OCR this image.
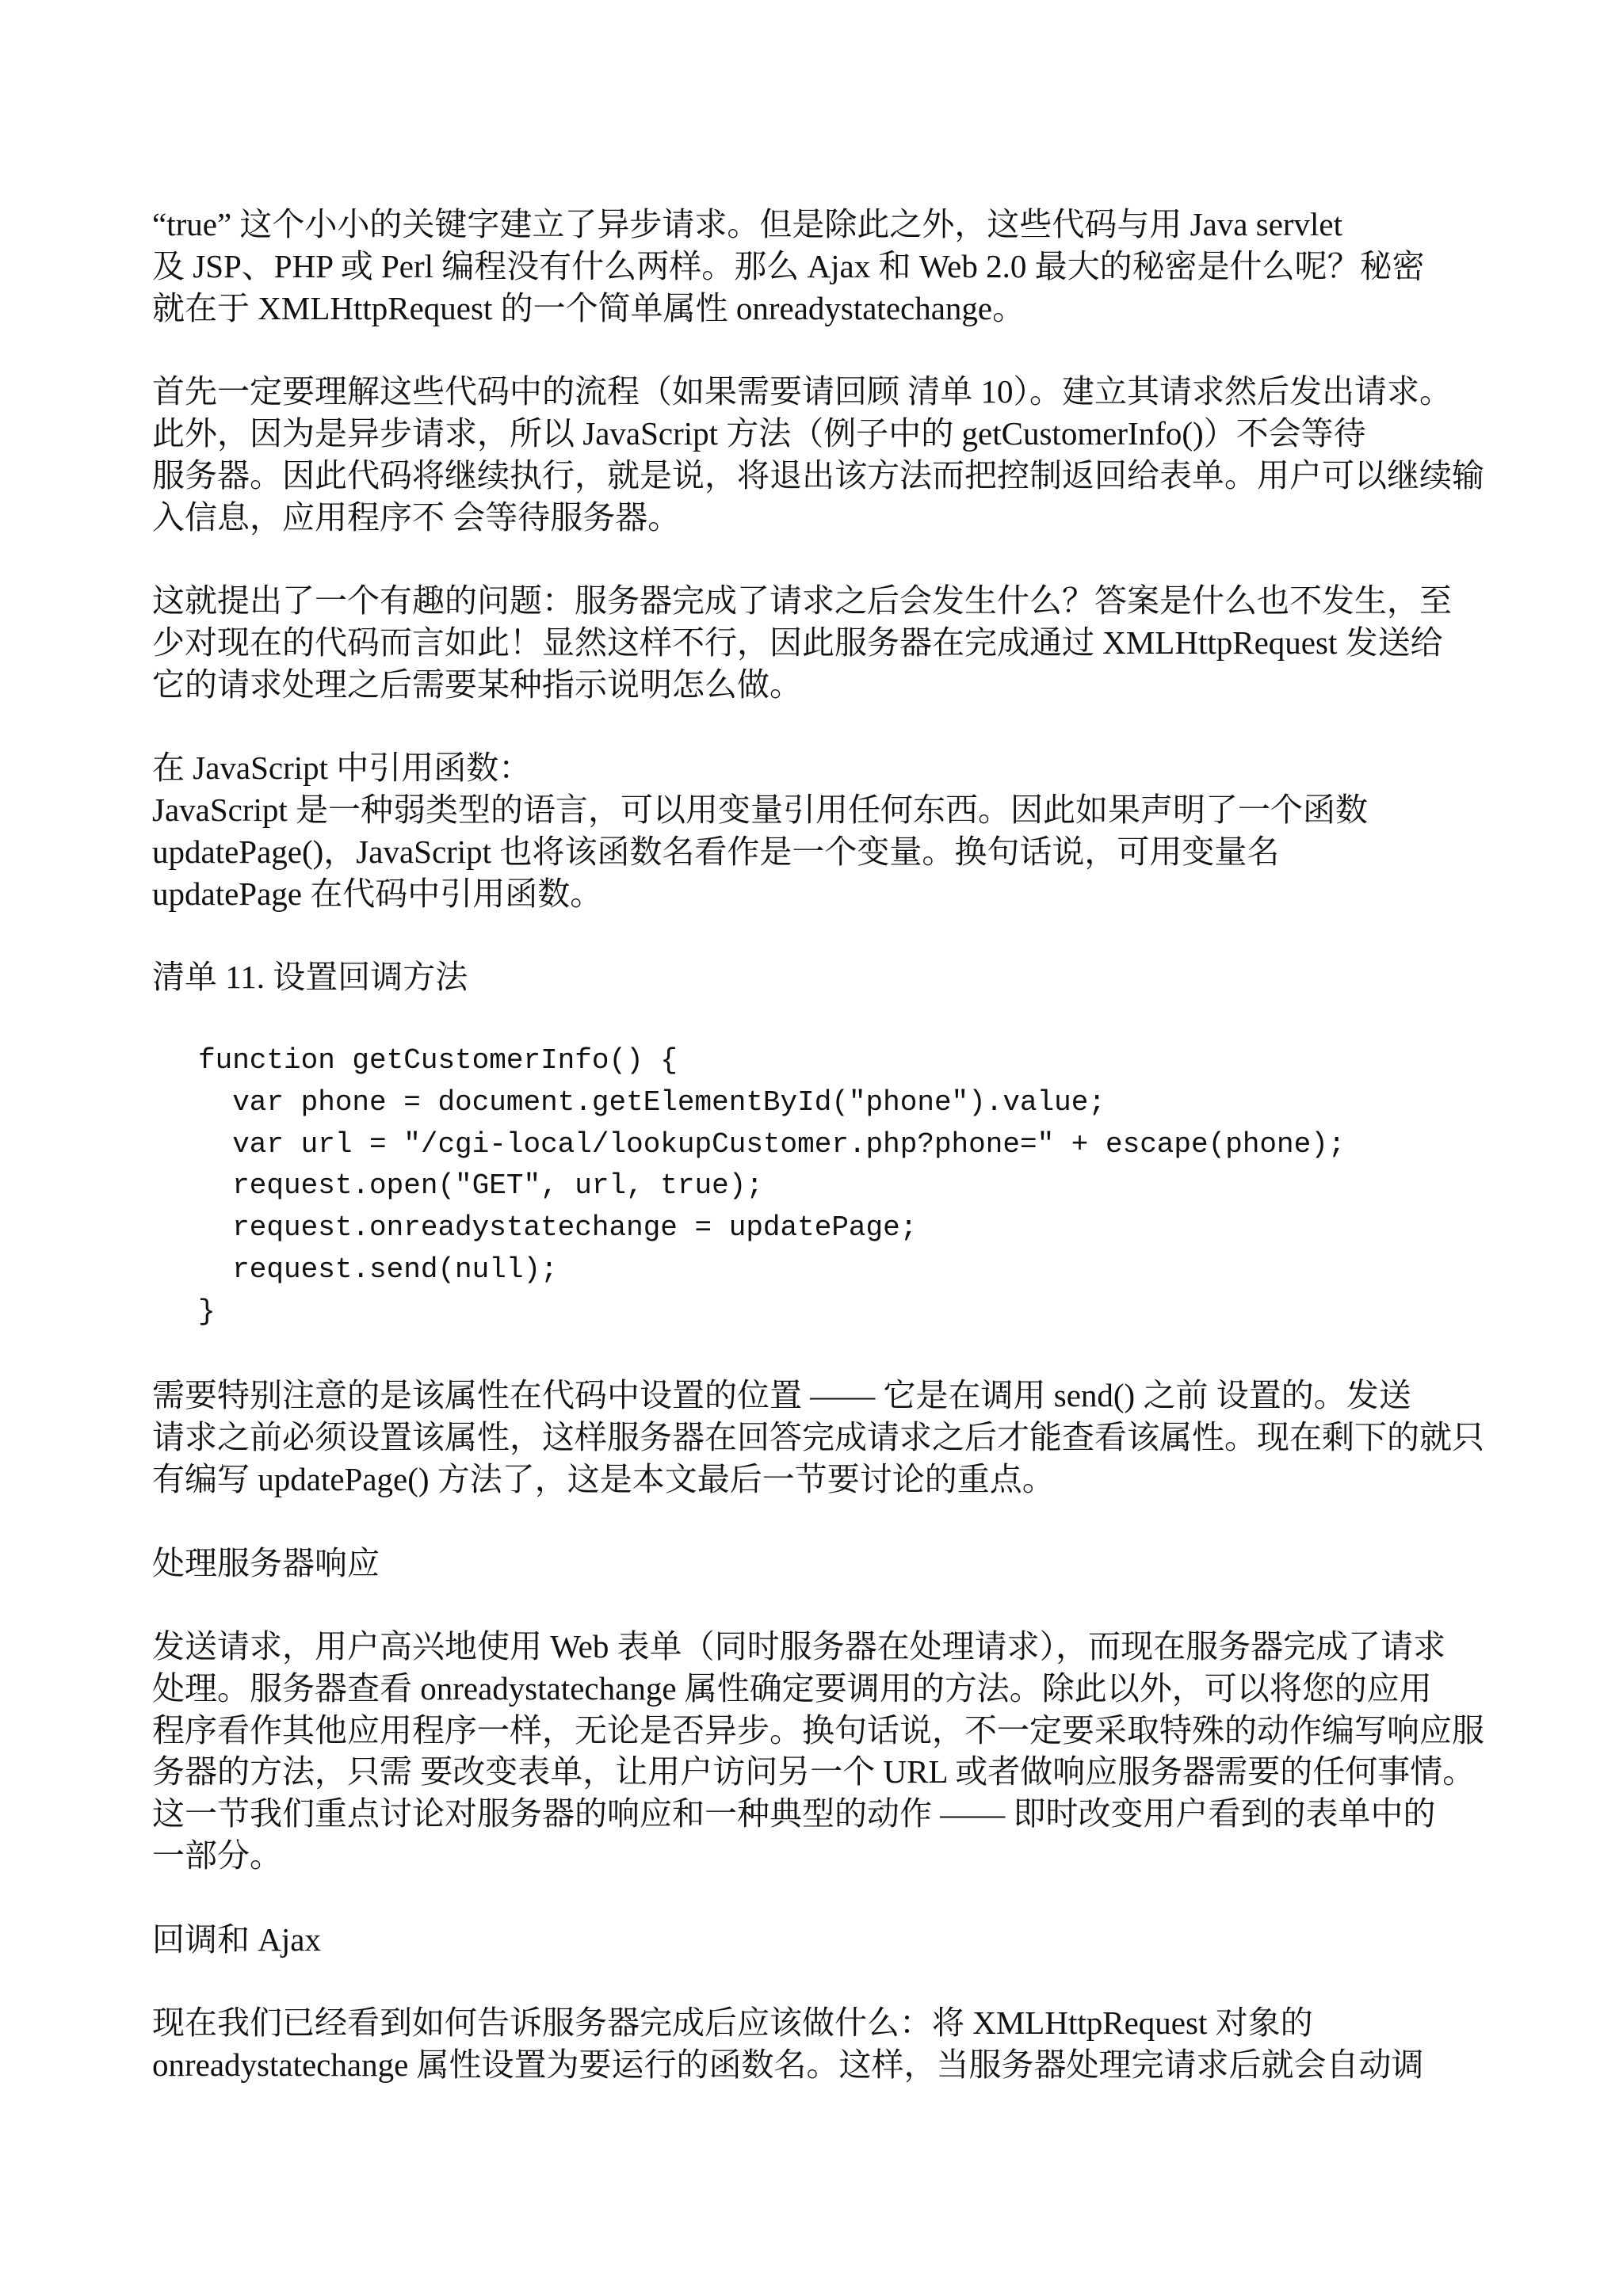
“true” 这个小小的关键字建立了异步请求。但是除此之外，这些代码与用 Java servlet
及 JSP、PHP 或 Perl 编程没有什么两样。那么 Ajax 和 Web 2.0 最大的秘密是什么呢？秘密
就在于 XMLHttpRequest 的一个简单属性 onreadystatechange。
首先一定要理解这些代码中的流程（如果需要请回顾 清单 10）。建立其请求然后发出请求。
此外，因为是异步请求，所以 JavaScript 方法（例子中的 getCustomerInfo()）不会等待
服务器。因此代码将继续执行，就是说，将退出该方法而把控制返回给表单。用户可以继续输
入信息，应用程序不 会等待服务器。
这就提出了一个有趣的问题：服务器完成了请求之后会发生什么？答案是什么也不发生，至
少对现在的代码而言如此！显然这样不行，因此服务器在完成通过 XMLHttpRequest 发送给
它的请求处理之后需要某种指示说明怎么做。
在 JavaScript 中引用函数：
JavaScript 是一种弱类型的语言，可以用变量引用任何东西。因此如果声明了一个函数
updatePage()，JavaScript 也将该函数名看作是一个变量。换句话说，可用变量名
updatePage 在代码中引用函数。
清单 11. 设置回调方法
function getCustomerInfo() {
var phone = document.getElementById("phone").value;
var url = "/cgi-local/lookupCustomer.php?phone=" + escape(phone);
request.open("GET", url, true);
request.onreadystatechange = updatePage;
request.send(null);
}
需要特别注意的是该属性在代码中设置的位置 —— 它是在调用 send() 之前 设置的。发送
请求之前必须设置该属性，这样服务器在回答完成请求之后才能查看该属性。现在剩下的就只
有编写 updatePage() 方法了，这是本文最后一节要讨论的重点。
处理服务器响应
发送请求，用户高兴地使用 Web 表单（同时服务器在处理请求），而现在服务器完成了请求
处理。服务器查看 onreadystatechange 属性确定要调用的方法。除此以外，可以将您的应用
程序看作其他应用程序一样，无论是否异步。换句话说，不一定要采取特殊的动作编写响应服
务器的方法，只需 要改变表单，让用户访问另一个 URL 或者做响应服务器需要的任何事情。
这一节我们重点讨论对服务器的响应和一种典型的动作 —— 即时改变用户看到的表单中的
一部分。
回调和 Ajax
现在我们已经看到如何告诉服务器完成后应该做什么：将 XMLHttpRequest 对象的
onreadystatechange 属性设置为要运行的函数名。这样，当服务器处理完请求后就会自动调
